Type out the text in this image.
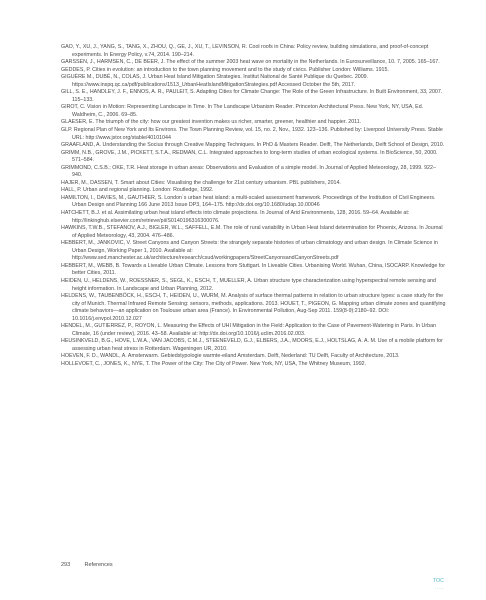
GAO, Y., XU, J., YANG, S., TANG, X., ZHOU, Q., GE, J., XU, T., LEVINSON, R. Cool roofs in China: Policy review, building simulations, and proof-of-concept experiments. In Energy Policy, v.74, 2014. 190–214.

GARSSEN, J., HARMSEN, C., DE BEER, J. The effect of the summer 2003 heat wave on mortality in the Netherlands. In Eurosurveillance, 10. 7, 2005. 165–167.

GEDDES, P. Cities in evolution: an introduction to the town planning movement and to the study of civics. Publisher London: Williams. 1915.

GIGUÈRE M., DUBÉ, N., COLAS, J. Urban Heat Island Mitigation Strategies. Institut National de Santé Publique du Quebec. 2009. https://www.inspq.qc.ca/pdf/publications/1513_UrbanHeatIslandMitigationStrategies.pdf Accessed October the 5th, 2017.

GILL, S. E., HANDLEY, J. F., ENNOS, A. R., PAULEIT, S. Adapting Cities for Climate Change: The Role of the Green Infrastructure. In Built Environment, 33, 2007. 115–133.

GIROT, C. Vision in Motion: Representing Landscape in Time. In The Landscape Urbanism Reader. Princeton Architectural Press. New York, NY, USA, Ed. Waldheim, C., 2006. 69–85.

GLAESER, E. The triumph of the city: how our greatest invention makes us richer, smarter, greener, healthier and happier. 2011.

GLP. Regional Plan of New York and Its Environs. The Town Planning Review, vol. 15, no. 2, Nov., 1932. 123–136. Published by: Liverpool University Press. Stable URL: http://www.jstor.org/stable/40101044

GRAAFLAND, A. Understanding the Socius through Creative Mapping Techniques. In PhD & Masters Reader. Delft, The Netherlands, Delft School of Design, 2010.

GRIMM, N.B., GROVE, J.M., PICKETT, S.T.A., REDMAN, C.L. Integrated approaches to long-term studies of urban ecological systems. In BioScience, 50, 2000. 571–584.

GRIMMOND, C.S.B.; OKE, T.R. Heat storage in urban areas: Observations and Evaluation of a simple model. In Journal of Applied Meteorology, 28, 1999. 922– 940.

HAJER, M., DASSEN, T. Smart about Cities: Visualising the challenge for 21st century urbanism. PBL publishers, 2014.

HALL, P. Urban and regional planning. London: Routledge, 1992.

HAMILTON, I., DAVIES, M., GAUTHIER, S. London`s urban heat island: a multi-scaled assessment framework. Proceedings of the Institution of Civil Engineers. Urban Design and Planning 166 June 2013 Issue DP3, 164–175. http://dx.doi.org/10.1680/udap.10.00046

HATCHETT, B.J. et al. Assimilating urban heat island effects into climate projections. In Journal of Arid Environments, 128, 2016. 59–64. Available at: http://linkinghub.elsevier.com/retrieve/pii/S0140196316300076.

HAWKINS, T.W.B., STEFANOV, A.J., BIGLER, W.L., SAFFELL, E.M. The role of rural variability in Urban Heat Island determination for Phoenix, Arizona. In Journal of Applied Meteorology, 43, 2004. 476–486.

HEBBERT, M., JANKOVIC, V. Street Canyons and Canyon Streets: the strangely separate histories of urban climatology and urban design. In Climate Science in Urban Design, Working Paper 1, 2010. Available at: http://www.sed.manchester.ac.uk/architecture/research/csud/workingpapers/StreetCanyonsandCanyonStreets.pdf

HEBBERT, M., WEBB, B. Towards a Liveable Urban Climate. Lessons from Stuttgart. In Liveable Cities. Urbanising World. Wuhan, China, ISOCARP. Knowledge for better Cities, 2011.

HEIDEN, U., HELDENS, W., ROESSNER, S., SEGL, K., ESCH, T., MUELLER, A. Urban structure type characterization using hyperspectral remote sensing and height information. In Landscape and Urban Planning, 2012.

HELDENS, W., TAUBENBÖCK, H., ESCH, T., HEIDEN, U., WURM, M. Analysis of surface thermal patterns in relation to urban structure types: a case study for the city of Munich. Thermal Infrared Remote Sensing: sensors, methods, applications. 2013. HOUET, T., PIGEON, G. Mapping urban climate zones and quantifying climate behaviors—an application on Toulouse urban area (France). In Environmental Pollution, Aug-Sep 2011. 159(8-9):2180–92. DOI: 10.1016/j.envpol.2010.12.027

HENDEL, M., GUTIERREZ, P., ROYON, L. Measuring the Effects of UHI Mitigation in the Field: Application to the Case of Pavement-Watering in Paris. In Urban Climate, 16 (under review), 2016. 43–58. Available at: http://dx.doi.org/10.1016/j.uclim.2016.02.003.

HEUSINKVELD, B.G., HOVE, L.W.A., VAN JACOBS, C.M.J., STEENEVELD, G.J., ELBERS, J.A., MOORS, E.J., HOLTSLAG, A. A. M. Use of a mobile platform for assessing urban heat stress in Rotterdam. Wageningen UR, 2010.

HOEVEN, F. D., WANDL, A. Amsterwarm. Gebiedstypologie warmte-eiland Amsterdam. Delft, Nederland: TU Delft, Faculty of Architecture, 2013.

HOLLEVOET, C., JONES, K., NYE, T. The Power of the City: The City of Power. New York, NY, USA, The Whitney Museum, 1992.

293	References
TOC
·····
